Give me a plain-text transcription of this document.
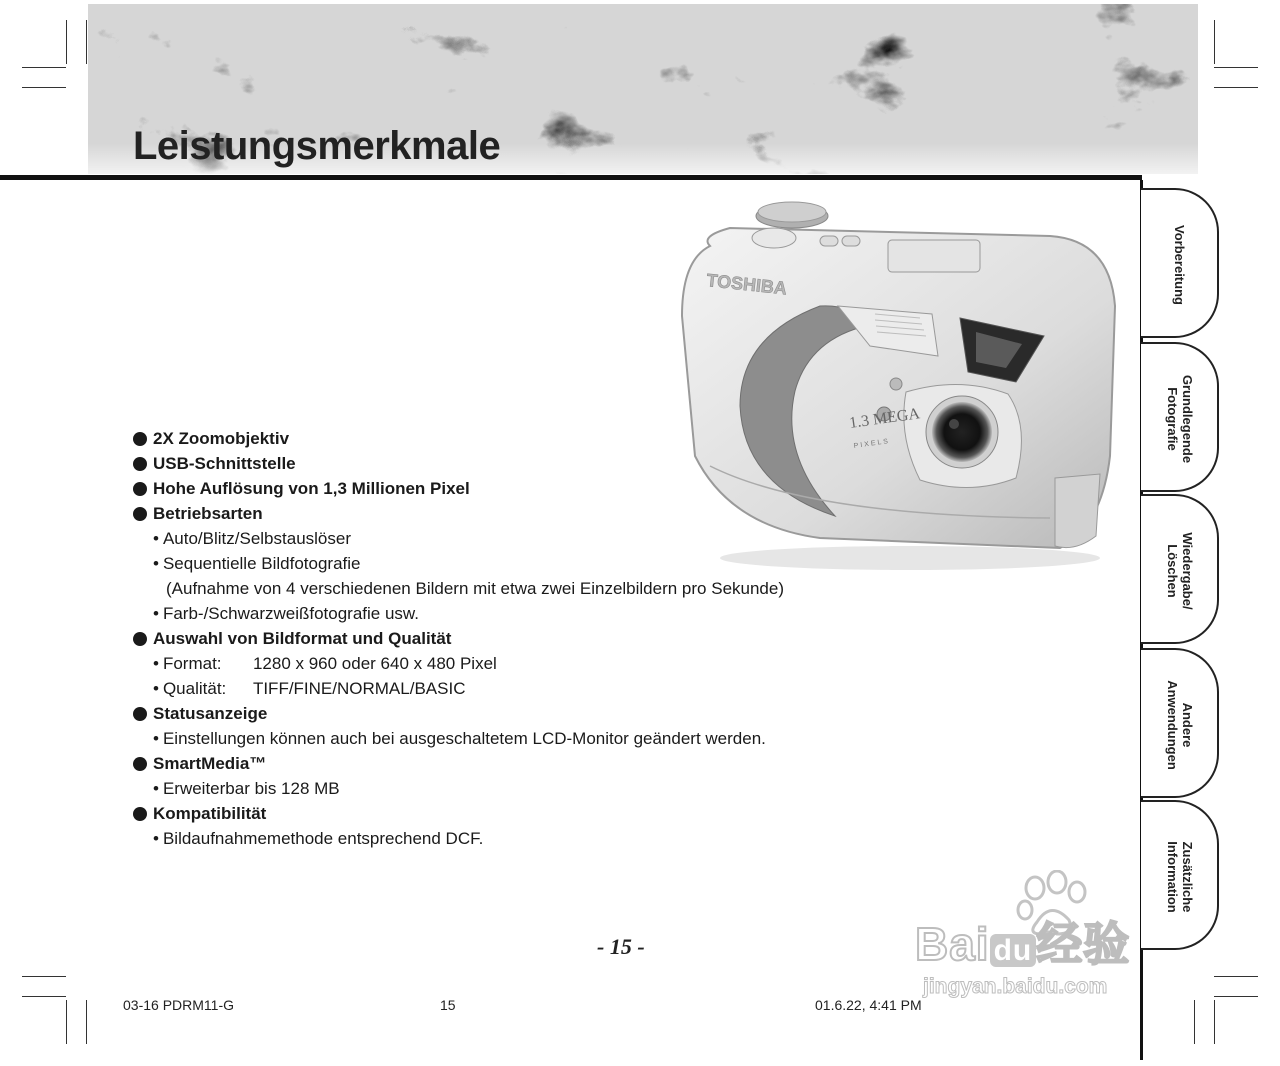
Leistungsmerkmale
TOSHIBA
1.3 MEGA
PIXELS
2X Zoomobjektiv
USB-Schnittstelle
Hohe Auflösung von 1,3 Millionen Pixel
Betriebsarten
• Auto/Blitz/Selbstauslöser
• Sequentielle Bildfotografie
(Aufnahme von 4 verschiedenen Bildern mit etwa zwei Einzelbildern pro Sekunde)
• Farb-/Schwarzweißfotografie usw.
Auswahl von Bildformat und Qualität
• Format: 1280 x 960 oder 640 x 480 Pixel
• Qualität: TIFF/FINE/NORMAL/BASIC
Statusanzeige
• Einstellungen können auch bei ausgeschaltetem LCD-Monitor geändert werden.
SmartMedia™
• Erweiterbar bis 128 MB
Kompatibilität
• Bildaufnahmemethode entsprechend DCF.
Vorbereitung
Grundlegende
Fotografie
Wiedergabe/
Löschen
Andere
Anwendungen
Zusätzliche
Information
- 15 -
03-16 PDRM11-G	15	01.6.22, 4:41 PM
Bai du经验
jingyan.baidu.com
